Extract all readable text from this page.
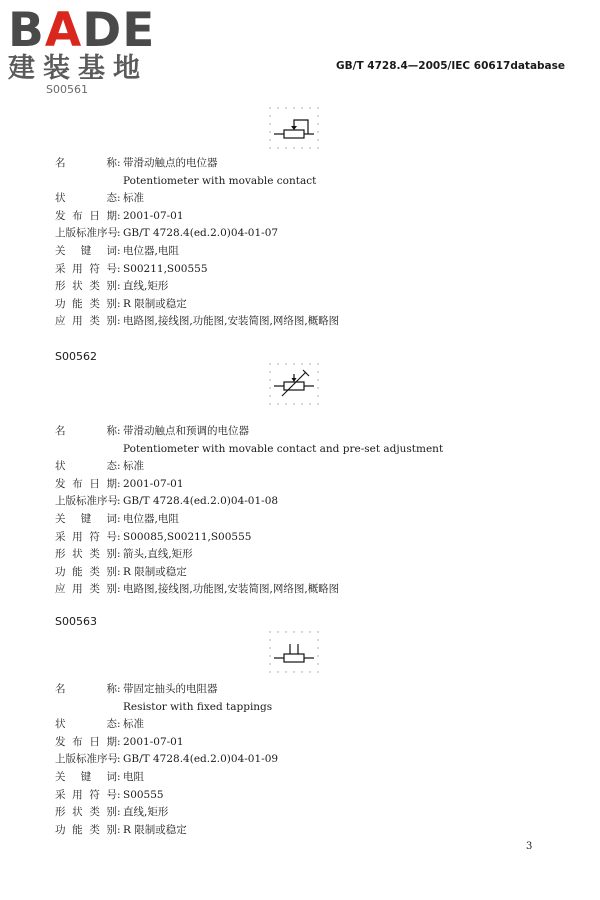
BADE
建装基地
S00561
GB/T 4728.4—2005/IEC 60617database
名称 : 带滑动触点的电位器
Potentiometer with movable contact
状态 : 标准
发布日期 : 2001-07-01
上版标准序号 : GB/T 4728.4(ed.2.0)04-01-07
关键词 : 电位器,电阻
采用符号 : S00211,S00555
形状类别 : 直线,矩形
功能类别 : R 限制或稳定
应用类别 : 电路图,接线图,功能图,安装简图,网络图,概略图
S00562
名称 : 带滑动触点和预调的电位器
Potentiometer with movable contact and pre-set adjustment
状态 : 标准
发布日期 : 2001-07-01
上版标准序号 : GB/T 4728.4(ed.2.0)04-01-08
关键词 : 电位器,电阻
采用符号 : S00085,S00211,S00555
形状类别 : 箭头,直线,矩形
功能类别 : R 限制或稳定
应用类别 : 电路图,接线图,功能图,安装简图,网络图,概略图
S00563
名称 : 带固定抽头的电阻器
Resistor with fixed tappings
状态 : 标准
发布日期 : 2001-07-01
上版标准序号 : GB/T 4728.4(ed.2.0)04-01-09
关键词 : 电阻
采用符号 : S00555
形状类别 : 直线,矩形
功能类别 : R 限制或稳定
3
